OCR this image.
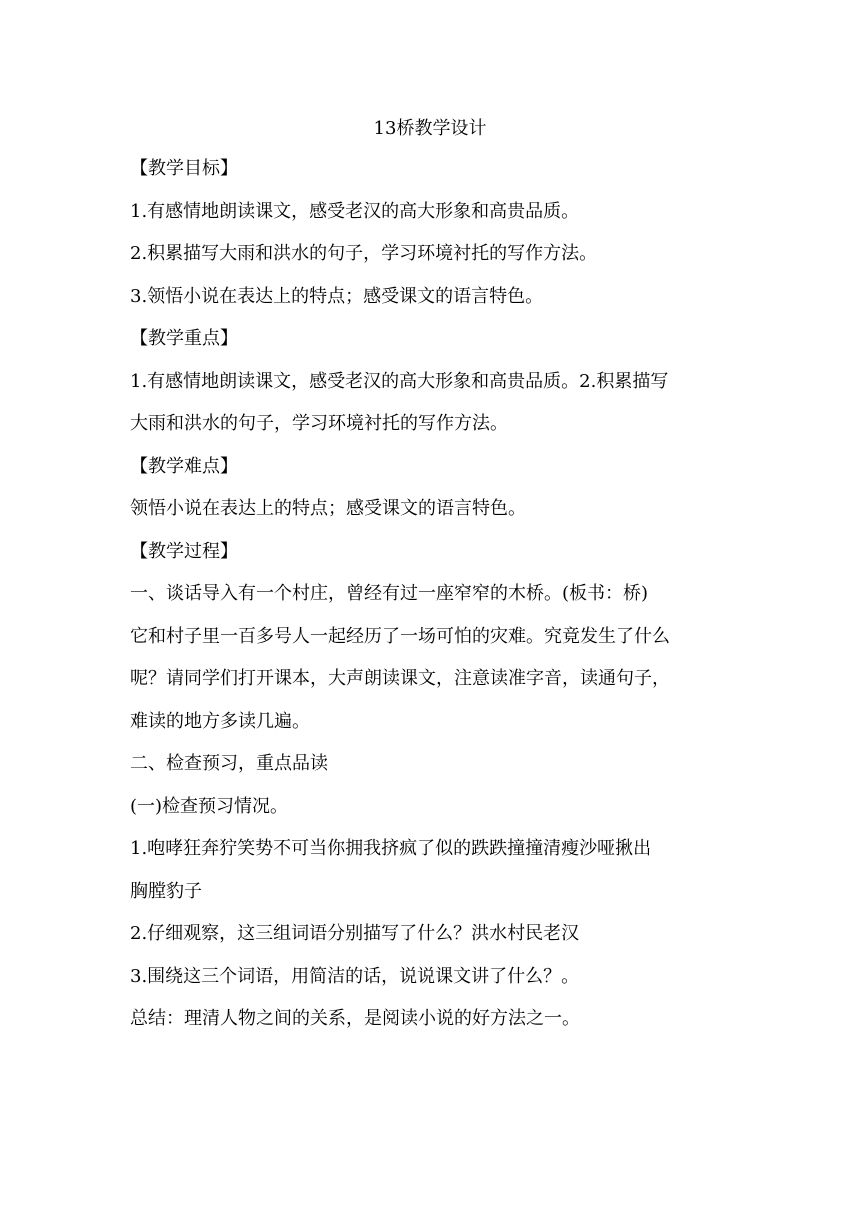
13桥教学设计

【教学目标】

1.有感情地朗读课文，感受老汉的高大形象和高贵品质。

2.积累描写大雨和洪水的句子，学习环境衬托的写作方法。

3.领悟小说在表达上的特点；感受课文的语言特色。

【教学重点】

1.有感情地朗读课文，感受老汉的高大形象和高贵品质。2.积累描写

大雨和洪水的句子，学习环境衬托的写作方法。

【教学难点】

领悟小说在表达上的特点；感受课文的语言特色。

【教学过程】

一、谈话导入有一个村庄，曾经有过一座窄窄的木桥。(板书：桥)

它和村子里一百多号人一起经历了一场可怕的灾难。究竟发生了什么

呢？请同学们打开课本，大声朗读课文，注意读准字音，读通句子，

难读的地方多读几遍。

二、检查预习，重点品读

(一)检查预习情况。

1.咆哮狂奔狞笑势不可当你拥我挤疯了似的跌跌撞撞清瘦沙哑揪出

胸膛豹子

2.仔细观察，这三组词语分别描写了什么？洪水村民老汉

3.围绕这三个词语，用简洁的话，说说课文讲了什么？。

总结：理清人物之间的关系，是阅读小说的好方法之一。
